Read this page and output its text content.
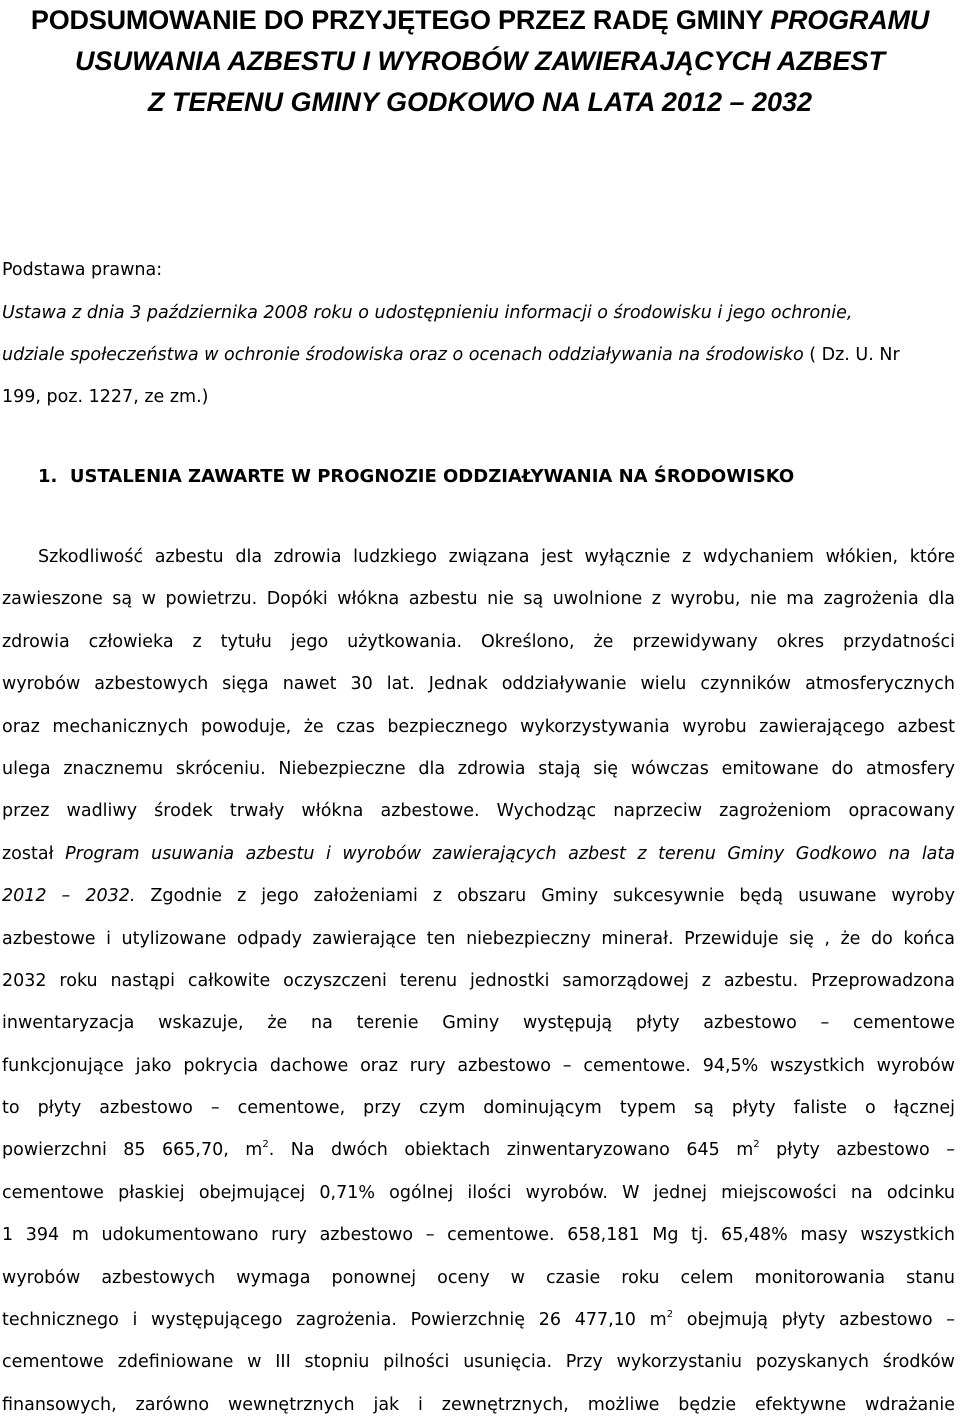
PODSUMOWANIE DO PRZYJĘTEGO PRZEZ RADĘ GMINY PROGRAMU
USUWANIA AZBESTU I WYROBÓW ZAWIERAJĄCYCH AZBEST
Z TERENU GMINY GODKOWO NA LATA 2012 – 2032

Podstawa prawna:

Ustawa z dnia 3 października 2008 roku o udostępnieniu informacji o środowisku i jego ochronie,
udziale społeczeństwa w ochronie środowiska oraz o ocenach oddziaływania na środowisko ( Dz. U. Nr
199, poz. 1227, ze zm.)
1. USTALENIA ZAWARTE W PROGNOZIE ODDZIAŁYWANIA NA ŚRODOWISKO
Szkodliwość azbestu dla zdrowia ludzkiego związana jest wyłącznie z wdychaniem włókien, które
zawieszone są w powietrzu. Dopóki włókna azbestu nie są uwolnione z wyrobu, nie ma zagrożenia dla
zdrowia człowieka z tytułu jego użytkowania. Określono, że przewidywany okres przydatności
wyrobów azbestowych sięga nawet 30 lat. Jednak oddziaływanie wielu czynników atmosferycznych
oraz mechanicznych powoduje, że czas bezpiecznego wykorzystywania wyrobu zawierającego azbest
ulega znacznemu skróceniu. Niebezpieczne dla zdrowia stają się wówczas emitowane do atmosfery
przez wadliwy środek trwały włókna azbestowe. Wychodząc naprzeciw zagrożeniom opracowany
został Program usuwania azbestu i wyrobów zawierających azbest z terenu Gminy Godkowo na lata
2012 – 2032. Zgodnie z jego założeniami z obszaru Gminy sukcesywnie będą usuwane wyroby
azbestowe i utylizowane odpady zawierające ten niebezpieczny minerał. Przewiduje się , że do końca
2032 roku nastąpi całkowite oczyszczeni terenu jednostki samorządowej z azbestu. Przeprowadzona
inwentaryzacja wskazuje, że na terenie Gminy występują płyty azbestowo – cementowe
funkcjonujące jako pokrycia dachowe oraz rury azbestowo – cementowe. 94,5% wszystkich wyrobów
to płyty azbestowo – cementowe, przy czym dominującym typem są płyty faliste o łącznej
powierzchni 85 665,70, $m^2$. Na dwóch obiektach zinwentaryzowano 645 $m^2$ płyty azbestowo –
cementowe płaskiej obejmującej 0,71% ogólnej ilości wyrobów. W jednej miejscowości na odcinku
1 394 m udokumentowano rury azbestowo – cementowe. 658,181 Mg tj. 65,48% masy wszystkich
wyrobów azbestowych wymaga ponownej oceny w czasie roku celem monitorowania stanu
technicznego i występującego zagrożenia. Powierzchnię 26 477,10 $m^2$ obejmują płyty azbestowo –
cementowe zdefiniowane w III stopniu pilności usunięcia. Przy wykorzystaniu pozyskanych środków
finansowych, zarówno wewnętrznych jak i zewnętrznych, możliwe będzie efektywne wdrażanie
